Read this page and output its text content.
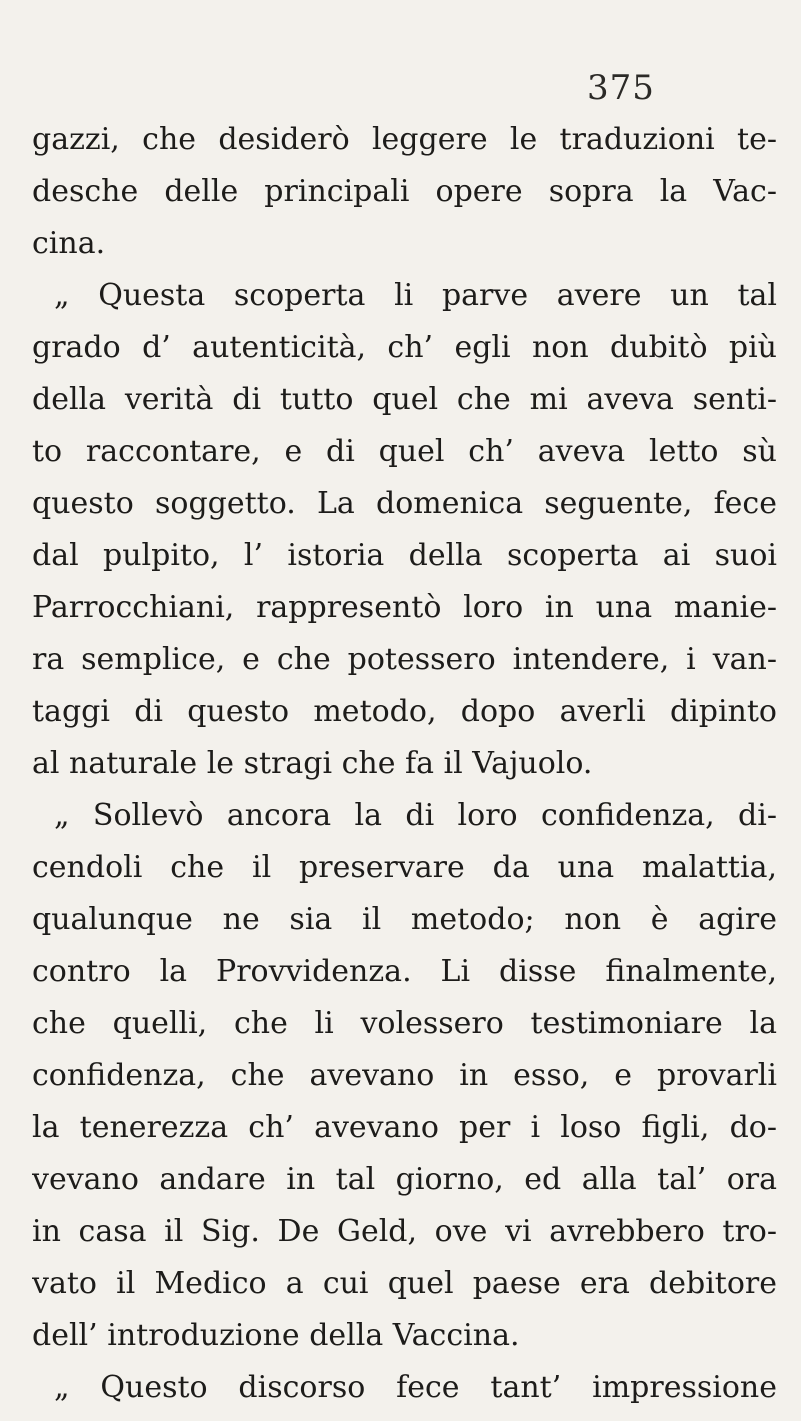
375
gazzi, che desiderò leggere le traduzioni te-
desche delle principali opere sopra la Vac-
cina.
„ Questa scoperta li parve avere un tal
grado d’ autenticità, ch’ egli non dubitò più
della verità di tutto quel che mi aveva senti-
to raccontare, e di quel ch’ aveva letto sù
questo soggetto. La domenica seguente, fece
dal pulpito, l’ istoria della scoperta ai suoi
Parrocchiani, rappresentò loro in una manie-
ra semplice, e che potessero intendere, i van-
taggi di questo metodo, dopo averli dipinto
al naturale le stragi che fa il Vajuolo.
„ Sollevò ancora la di loro confidenza, di-
cendoli che il preservare da una malattia,
qualunque ne sia il metodo; non è agire
contro la Provvidenza. Li disse finalmente,
che quelli, che li volessero testimoniare la
confidenza, che avevano in esso, e provarli
la tenerezza ch’ avevano per i loso figli, do-
vevano andare in tal giorno, ed alla tal’ ora
in casa il Sig. De Geld, ove vi avrebbero tro-
vato il Medico a cui quel paese era debitore
dell’ introduzione della Vaccina.
„ Questo discorso fece tant’ impressione
